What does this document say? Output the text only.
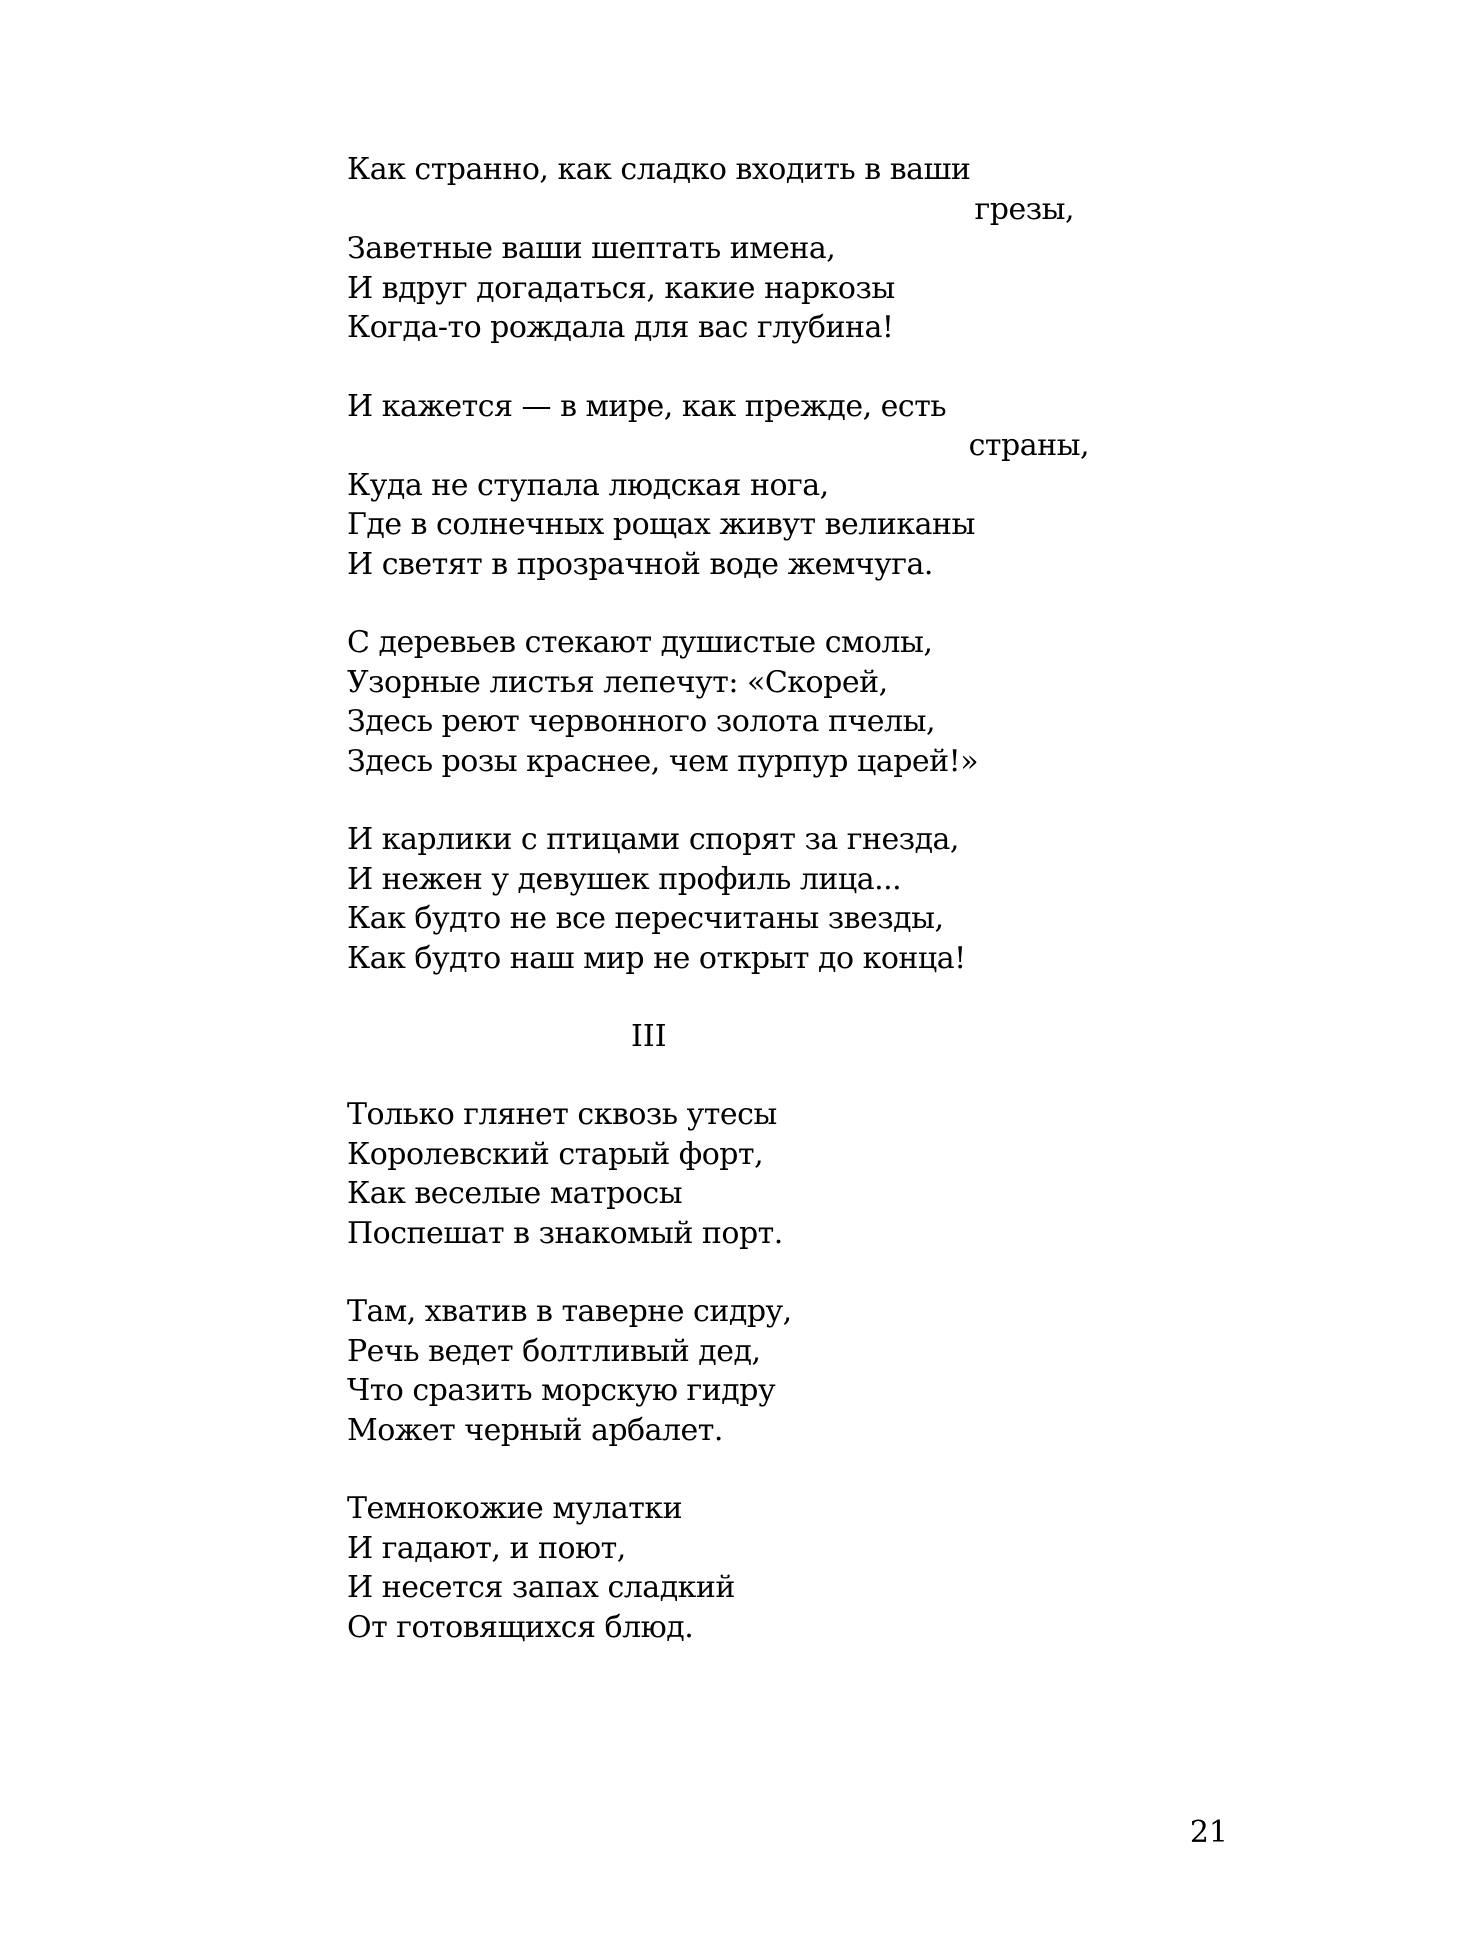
Как странно, как сладко входить в ваши
грезы,
Заветные ваши шептать имена,
И вдруг догадаться, какие наркозы
Когда-то рождала для вас глубина!
И кажется — в мире, как прежде, есть
страны,
Куда не ступала людская нога,
Где в солнечных рощах живут великаны
И светят в прозрачной воде жемчуга.
С деревьев стекают душистые смолы,
Узорные листья лепечут: «Скорей,
Здесь реют червонного золота пчелы,
Здесь розы краснее, чем пурпур царей!»
И карлики с птицами спорят за гнезда,
И нежен у девушек профиль лица...
Как будто не все пересчитаны звезды,
Как будто наш мир не открыт до конца!
III
Только глянет сквозь утесы
Королевский старый форт,
Как веселые матросы
Поспешат в знакомый порт.
Там, хватив в таверне сидру,
Речь ведет болтливый дед,
Что сразить морскую гидру
Может черный арбалет.
Темнокожие мулатки
И гадают, и поют,
И несется запах сладкий
От готовящихся блюд.
21
